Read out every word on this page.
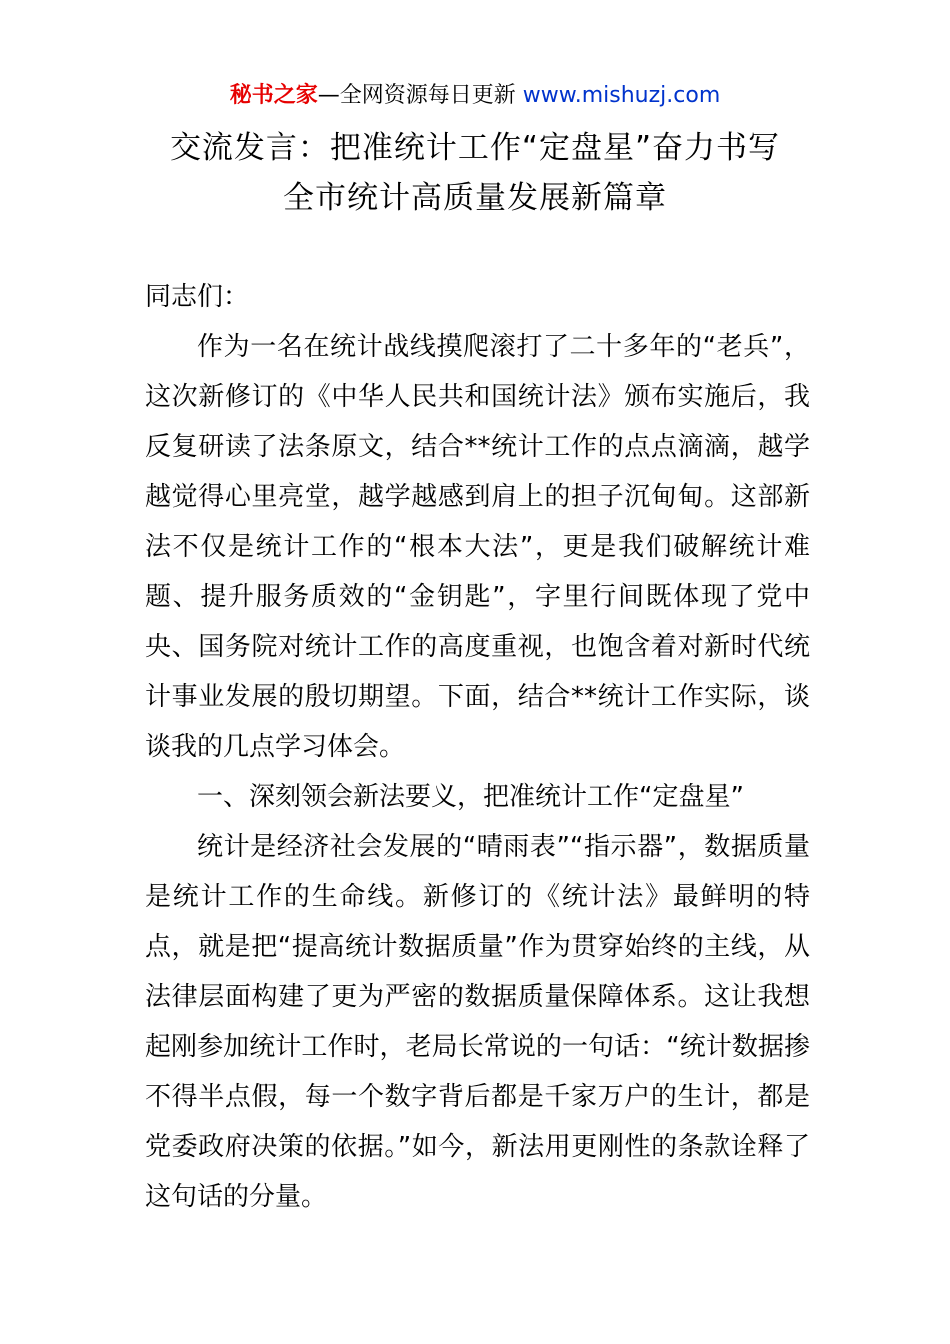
秘书之家—全网资源每日更新 www.mishuzj.com
交流发言：把准统计工作“定盘星”奋力书写
全市统计高质量发展新篇章

同志们：

作为一名在统计战线摸爬滚打了二十多年的“老兵”，这次新修订的《中华人民共和国统计法》颁布实施后，我反复研读了法条原文，结合**统计工作的点点滴滴，越学越觉得心里亮堂，越学越感到肩上的担子沉甸甸。这部新法不仅是统计工作的“根本大法”，更是我们破解统计难题、提升服务质效的“金钥匙”，字里行间既体现了党中央、国务院对统计工作的高度重视，也饱含着对新时代统计事业发展的殷切期望。下面，结合**统计工作实际，谈谈我的几点学习体会。

一、深刻领会新法要义，把准统计工作“定盘星”

统计是经济社会发展的“晴雨表”“指示器”，数据质量是统计工作的生命线。新修订的《统计法》最鲜明的特点，就是把“提高统计数据质量”作为贯穿始终的主线，从法律层面构建了更为严密的数据质量保障体系。这让我想起刚参加统计工作时，老局长常说的一句话：“统计数据掺不得半点假，每一个数字背后都是千家万户的生计，都是党委政府决策的依据。”如今，新法用更刚性的条款诠释了这句话的分量。
